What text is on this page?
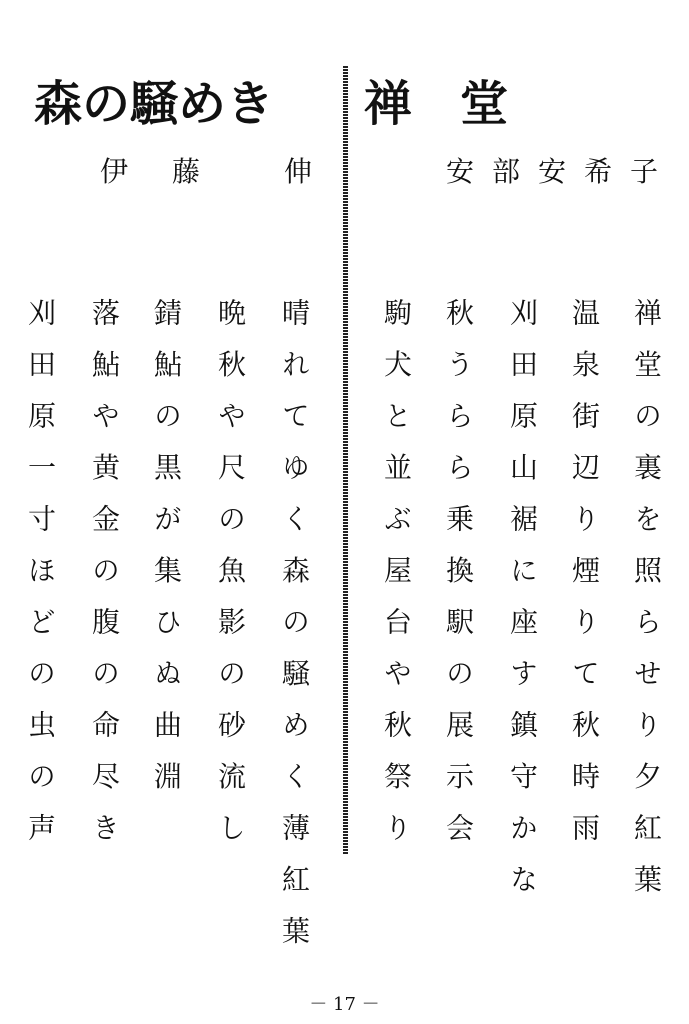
森の騒めき
伊 藤	伸
晴れてゆく森の騒めく薄紅葉
晩秋や尺の魚影の砂流し
錆鮎の黒が集ひぬ曲淵
落鮎や黄金の腹の命尽き
刈田原一寸ほどの虫の声
禅　堂
安 部 安 希 子
禅堂の裏を照らせり夕紅葉
温泉街辺り煙りて秋時雨
刈田原山裾に座す鎮守かな
秋うらら乗換駅の展示会
駒犬と並ぶ屋台や秋祭り
－ 17 －
